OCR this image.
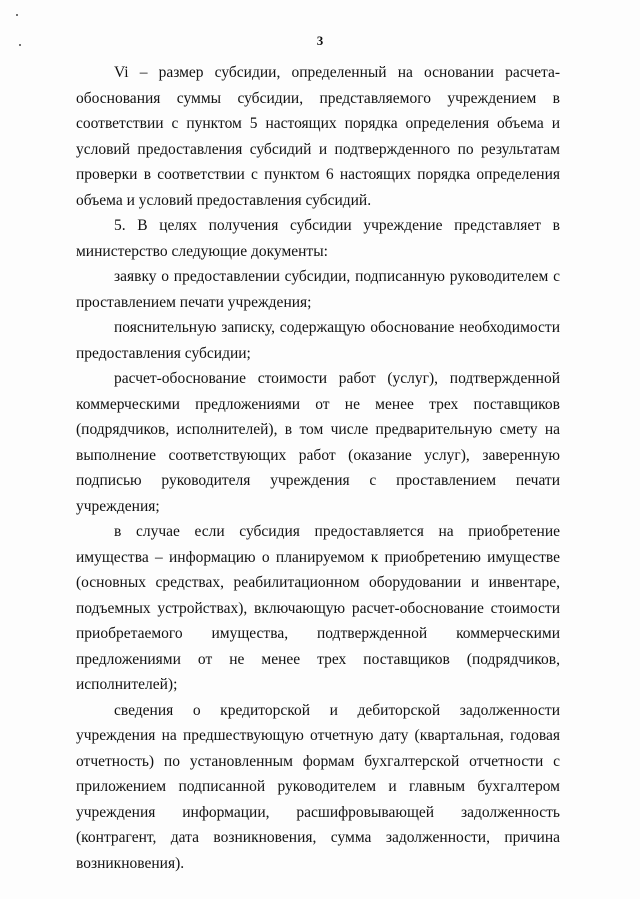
3

Vi – размер субсидии, определенный на основании расчета-обоснования суммы субсидии, представляемого учреждением в соответствии с пунктом 5 настоящих порядка определения объема и условий предоставления субсидий и подтвержденного по результатам проверки в соответствии с пунктом 6 настоящих порядка определения объема и условий предоставления субсидий.

5. В целях получения субсидии учреждение представляет в министерство следующие документы:

заявку о предоставлении субсидии, подписанную руководителем с проставлением печати учреждения;

пояснительную записку, содержащую обоснование необходимости предоставления субсидии;

расчет-обоснование стоимости работ (услуг), подтвержденной коммерческими предложениями от не менее трех поставщиков (подрядчиков, исполнителей), в том числе предварительную смету на выполнение соответствующих работ (оказание услуг), заверенную подписью руководителя учреждения с проставлением печати учреждения;

в случае если субсидия предоставляется на приобретение имущества – информацию о планируемом к приобретению имуществе (основных средствах, реабилитационном оборудовании и инвентаре, подъемных устройствах), включающую расчет-обоснование стоимости приобретаемого имущества, подтвержденной коммерческими предложениями от не менее трех поставщиков (подрядчиков, исполнителей);

сведения о кредиторской и дебиторской задолженности учреждения на предшествующую отчетную дату (квартальная, годовая отчетность) по установленным формам бухгалтерской отчетности с приложением подписанной руководителем и главным бухгалтером учреждения информации, расшифровывающей задолженность (контрагент, дата возникновения, сумма задолженности, причина возникновения).
